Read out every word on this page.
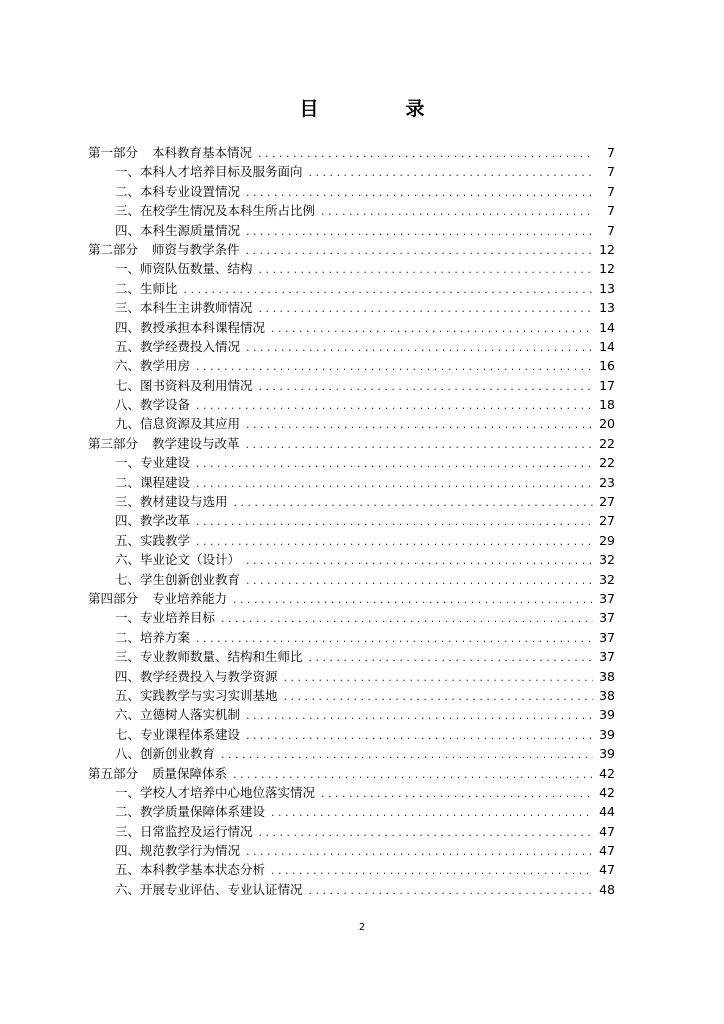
目　录
第一部分 本科教育基本情况 . . .	7
一、本科人才培养目标及服务面向 . . .	7
二、本科专业设置情况 . . .	7
三、在校学生情况及本科生所占比例 . . .	7
四、本科生源质量情况 . . .	7
第二部分 师资与教学条件 . . .	12
一、师资队伍数量、结构 . . .	12
二、生师比 . . .	13
三、本科生主讲教师情况 . . .	13
四、教授承担本科课程情况 . . .	14
五、教学经费投入情况 . . .	14
六、教学用房 . . .	16
七、图书资料及利用情况 . . .	17
八、教学设备 . . .	18
九、信息资源及其应用 . . .	20
第三部分 教学建设与改革 . . .	22
一、专业建设 . . .	22
二、课程建设 . . .	23
三、教材建设与选用 . . .	27
四、教学改革 . . .	27
五、实践教学 . . .	29
六、毕业论文（设计） . . .	32
七、学生创新创业教育 . . .	32
第四部分 专业培养能力 . . .	37
一、专业培养目标 . . .	37
二、培养方案 . . .	37
三、专业教师数量、结构和生师比 . . .	37
四、教学经费投入与教学资源 . . .	38
五、实践教学与实习实训基地 . . .	38
六、立德树人落实机制 . . .	39
七、专业课程体系建设 . . .	39
八、创新创业教育 . . .	39
第五部分 质量保障体系 . . .	42
一、学校人才培养中心地位落实情况 . . .	42
二、教学质量保障体系建设 . . .	44
三、日常监控及运行情况 . . .	47
四、规范教学行为情况 . . .	47
五、本科教学基本状态分析 . . .	47
六、开展专业评估、专业认证情况 . . .	48
2
